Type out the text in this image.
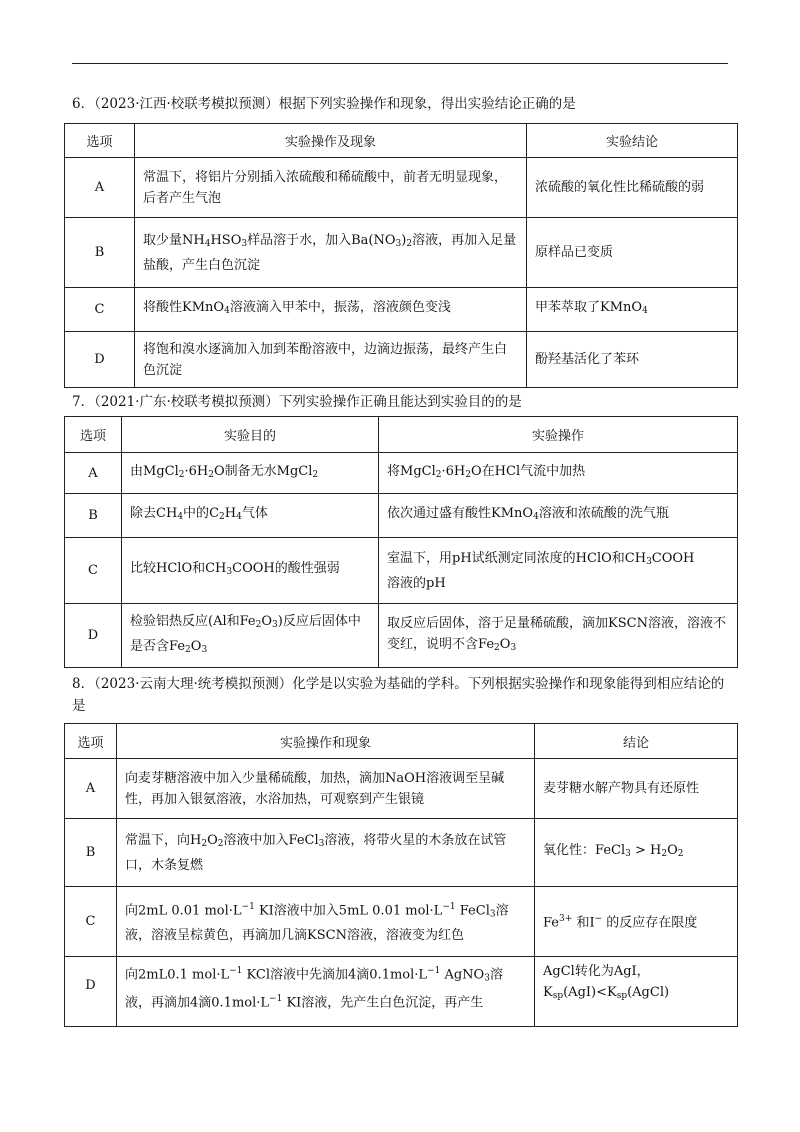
6．（2023·江西·校联考模拟预测）根据下列实验操作和现象，得出实验结论正确的是
选项	实验操作及现象	实验结论
A	常温下，将铝片分别插入浓硫酸和稀硫酸中，前者无明显现象，后者产生气泡	浓硫酸的氧化性比稀硫酸的弱
B	取少量$NH_4HSO_3$样品溶于水，加入$Ba(NO_3)_2$溶液，再加入足量盐酸，产生白色沉淀	原样品已变质
C	将酸性KMnO$_4$溶液滴入甲苯中，振荡，溶液颜色变浅	甲苯萃取了KMnO$_4$
D	将饱和溴水逐滴加入加到苯酚溶液中，边滴边振荡，最终产生白色沉淀	酚羟基活化了苯环
7．（2021·广东·校联考模拟预测）下列实验操作正确且能达到实验目的的是
选项	实验目的	实验操作
A	由$MgCl_2\cdot 6H_2O$制备无水MgCl$_2$	将$MgCl_2\cdot 6H_2O$在HCl气流中加热
B	除去$CH_4$中的$C_2H_4$气体	依次通过盛有酸性KMnO$_4$溶液和浓硫酸的洗气瓶
C	比较HClO和$CH_3COOH$的酸性强弱	室温下，用pH试纸测定同浓度的HClO和$CH_3COOH$
溶液的pH
D	检验铝热反应(Al和$Fe_2O_3$)反应后固体中是否含$Fe_2O_3$	取反应后固体，溶于足量稀硫酸，滴加KSCN溶液，溶液不变红，说明不含$Fe_2O_3$
8．（2023·云南大理·统考模拟预测）化学是以实验为基础的学科。下列根据实验操作和现象能得到相应结论的是
选项	实验操作和现象	结论
A	向麦芽糖溶液中加入少量稀硫酸，加热，滴加NaOH溶液调至呈碱性，再加入银氨溶液，水浴加热，可观察到产生银镜	麦芽糖水解产物具有还原性
B	常温下，向$H_2O_2$溶液中加入FeCl$_3$溶液，将带火星的木条放在试管口，木条复燃	氧化性：FeCl$_3$ > $H_2O_2$
C	向2mL 0.01 $mol\cdot L^{-1}$ KI溶液中加入5mL 0.01 $mol\cdot L^{-1}$ FeCl$_3$溶液，溶液呈棕黄色，再滴加几滴KSCN溶液，溶液变为红色	$Fe^{3+}$ 和I− 的反应存在限度
D	向2mL0.1 $mol\cdot L^{-1}$ KCl溶液中先滴加4滴$0.1mol\cdot L^{-1}$ AgNO$_3$溶液，再滴加4滴$0.1mol\cdot L^{-1}$ KI溶液，先产生白色沉淀，再产生	AgCl转化为AgI，
$K_{sp}(AgI)<K_{sp}(AgCl)$
